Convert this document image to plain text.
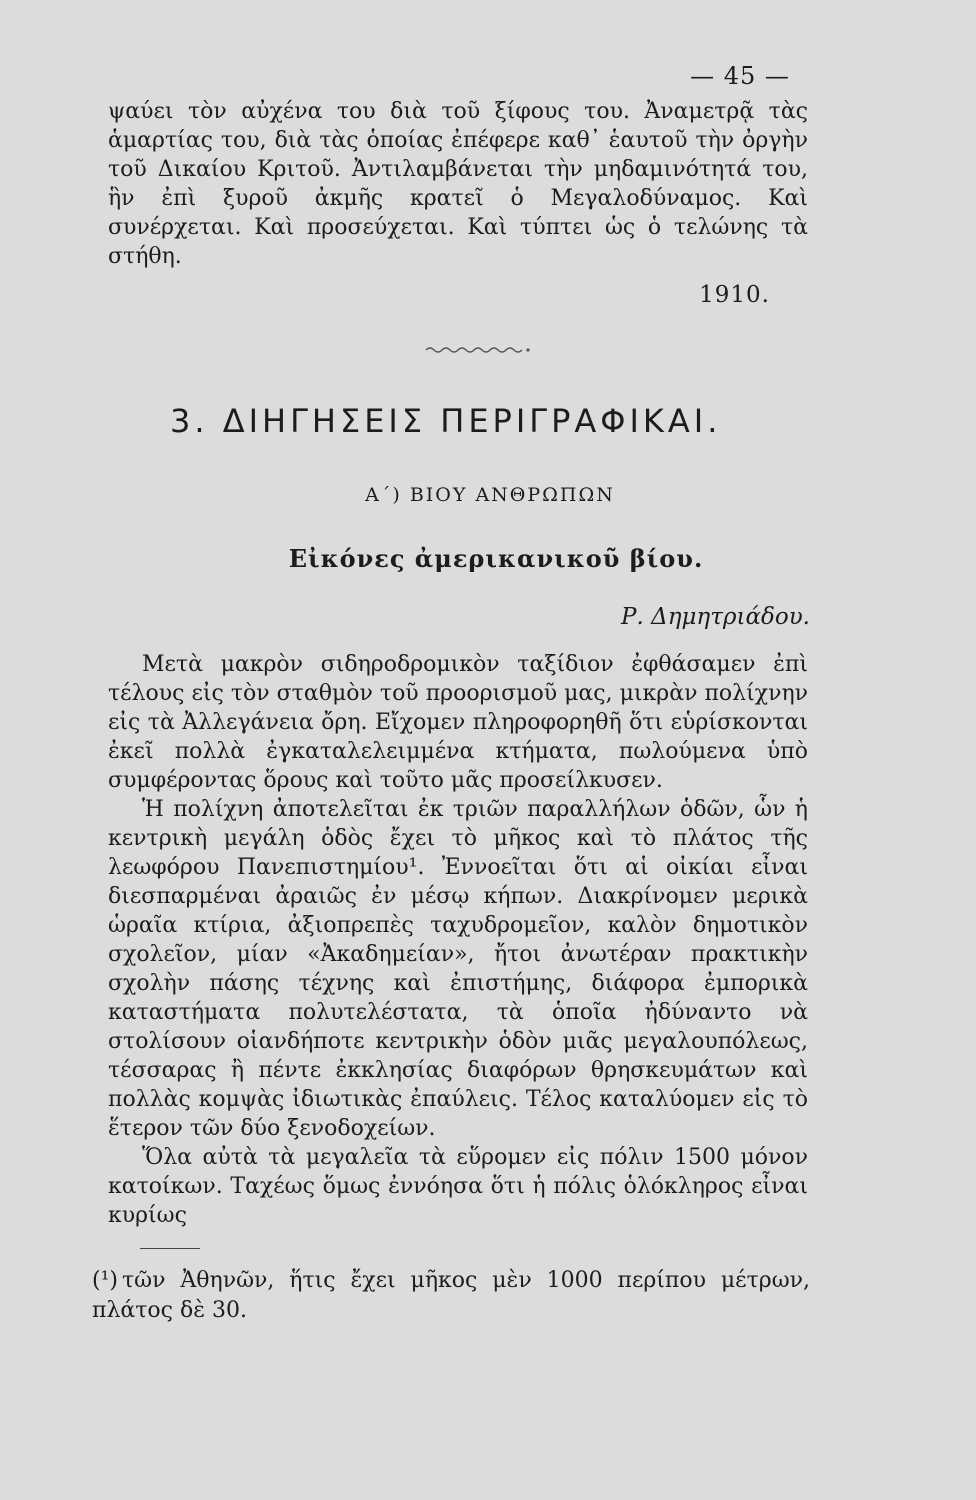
— 45 —

ψαύει τὸν αὐχένα του διὰ τοῦ ξίφους του. Ἀναμετρᾷ τὰς ἁμαρτίας του, διὰ τὰς ὁποίας ἐπέφερε καθ᾽ ἑαυτοῦ τὴν ὀργὴν τοῦ Δικαίου Κριτοῦ. Ἀντιλαμβάνεται τὴν μηδαμινότητά του, ἣν ἐπὶ ξυροῦ ἀκμῆς κρατεῖ ὁ Μεγαλοδύναμος. Καὶ συνέρχεται. Καὶ προσεύχεται. Καὶ τύπτει ὡς ὁ τελώνης τὰ στήθη.

1910.
3. ΔΙΗΓΗΣΕΙΣ ΠΕΡΙΓΡΑΦΙΚΑΙ.
Α΄) ΒΙΟΥ ΑΝΘΡΩΠΩΝ
Εἰκόνες ἀμερικανικοῦ βίου.
Ρ. Δημητριάδου.

Μετὰ μακρὸν σιδηροδρομικὸν ταξίδιον ἐφθάσαμεν ἐπὶ τέλους εἰς τὸν σταθμὸν τοῦ προορισμοῦ μας, μικρὰν πολίχνην εἰς τὰ Ἀλλεγάνεια ὄρη. Εἴχομεν πληροφορηθῆ ὅτι εὑρίσκονται ἐκεῖ πολλὰ ἐγκαταλελειμμένα κτήματα, πωλούμενα ὑπὸ συμφέροντας ὅρους καὶ τοῦτο μᾶς προσείλκυσεν.

Ἡ πολίχνη ἀποτελεῖται ἐκ τριῶν παραλλήλων ὁδῶν, ὧν ἡ κεντρικὴ μεγάλη ὁδὸς ἔχει τὸ μῆκος καὶ τὸ πλάτος τῆς λεωφόρου Πανεπιστημίου¹. Ἐννοεῖται ὅτι αἱ οἰκίαι εἶναι διεσπαρμέναι ἀραιῶς ἐν μέσῳ κήπων. Διακρίνομεν μερικὰ ὡραῖα κτίρια, ἀξιοπρεπὲς ταχυδρομεῖον, καλὸν δημοτικὸν σχολεῖον, μίαν «Ἀκαδημείαν», ἤτοι ἀνωτέραν πρακτικὴν σχολὴν πάσης τέχνης καὶ ἐπιστήμης, διάφορα ἐμπορικὰ καταστήματα πολυτελέστατα, τὰ ὁποῖα ἠδύναντο νὰ στολίσουν οἱανδήποτε κεντρικὴν ὁδὸν μιᾶς μεγαλουπόλεως, τέσσαρας ἢ πέντε ἐκκλησίας διαφόρων θρησκευμάτων καὶ πολλὰς κομψὰς ἰδιωτικὰς ἐπαύλεις. Τέλος καταλύομεν εἰς τὸ ἕτερον τῶν δύο ξενοδοχείων.

Ὅλα αὐτὰ τὰ μεγαλεῖα τὰ εὕρομεν εἰς πόλιν 1500 μόνον κατοίκων. Ταχέως ὅμως ἐννόησα ὅτι ἡ πόλις ὁλόκληρος εἶναι κυρίως

(¹) τῶν Ἀθηνῶν, ἥτις ἔχει μῆκος μὲν 1000 περίπου μέτρων, πλάτος δὲ 30.
